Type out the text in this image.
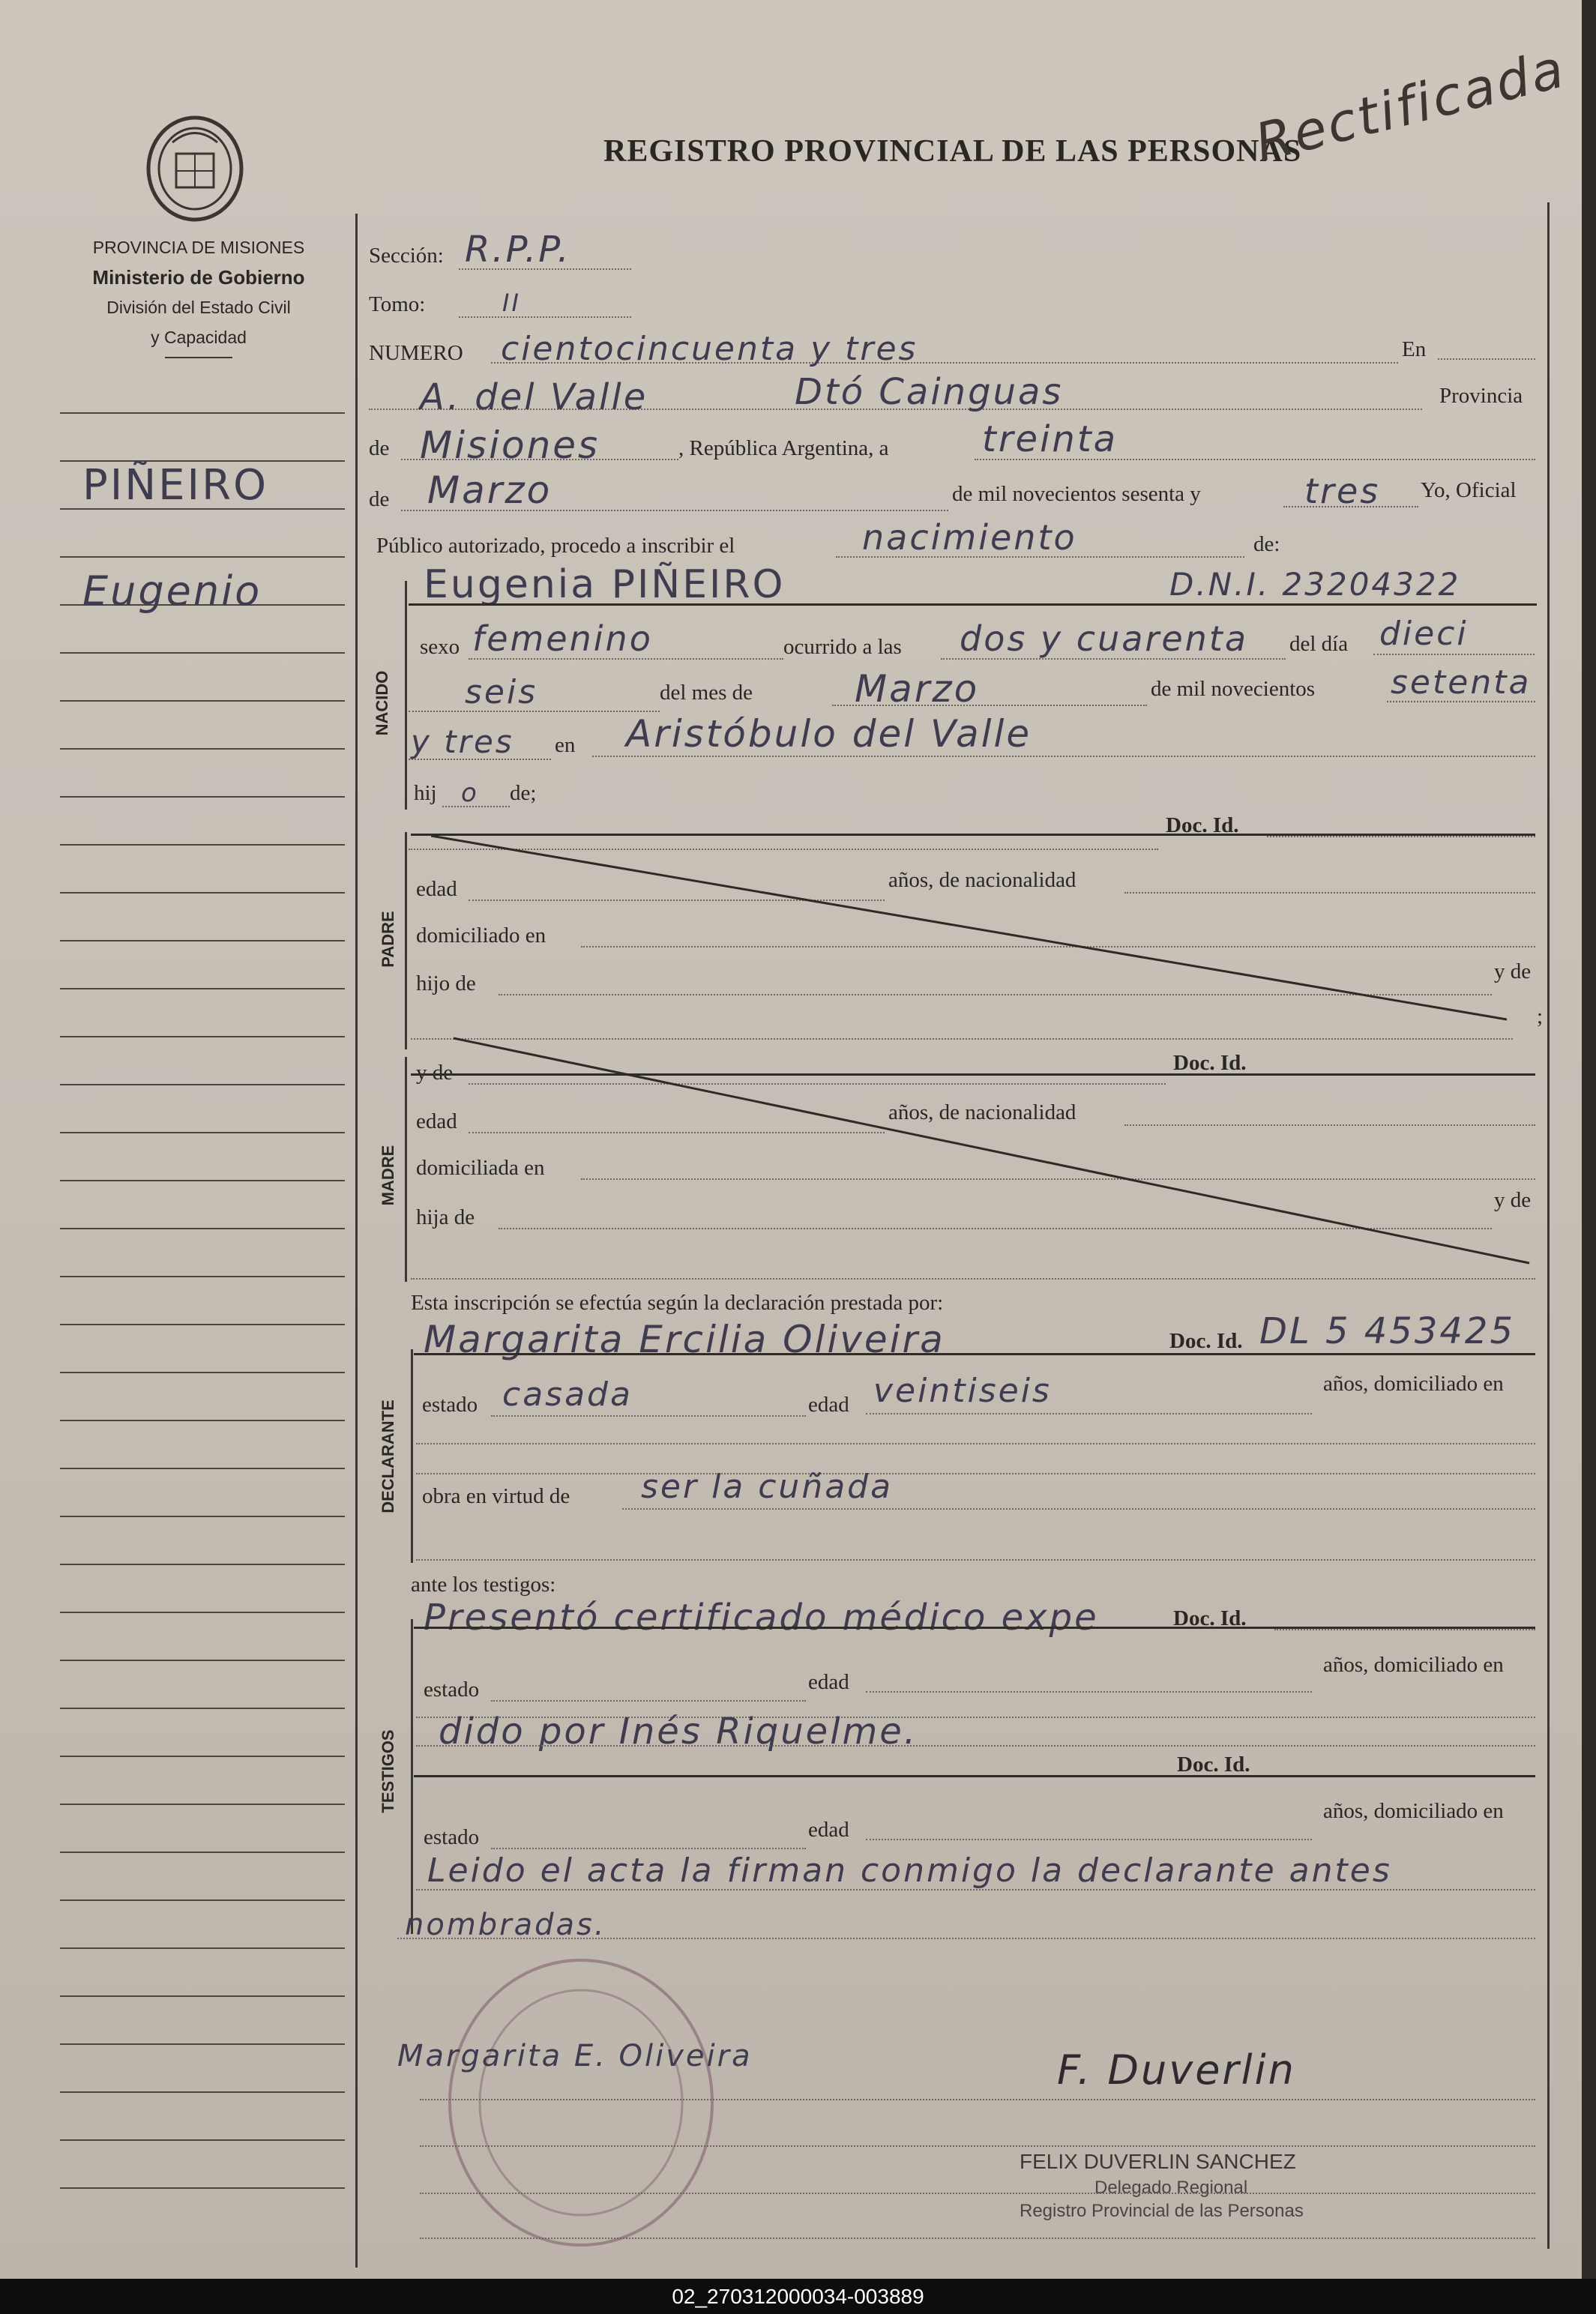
PROVINCIA DE MISIONES
Ministerio de Gobierno
División del Estado Civil
y Capacidad
PIÑEIRO
Eugenio
REGISTRO PROVINCIAL DE LAS PERSONAS
Rectificada
Sección: R.P.P.
Tomo:	II
NUMERO cientocincuenta y tres	En
A. del Valle	Dtó Cainguas	Provincia
de Misiones	, República Argentina, a	treinta
de Marzo	de mil novecientos sesenta y	tres Yo, Oficial
Público autorizado, procedo a inscribir el	nacimiento	de:
NACIDO
Eugenia PIÑEIRO	D.N.I. 23204322
sexo femenino	ocurrido a las dos y cuarenta del día dieci
seis	del mes de	Marzo	de mil novecientos setenta
y tres en Aristóbulo del Valle
hij o de;
Doc. Id.
PADRE
edad	años, de nacionalidad
domiciliado en
hijo de	y de
;
MADRE
y de	Doc. Id.
edad	años, de nacionalidad
domiciliada en
hija de
y de
Esta inscripción se efectúa según la declaración prestada por:
DECLARANTE
Margarita Ercilia Oliveira	Doc. Id. DL 5 453425
estado casada	edad veintiseis	años, domiciliado en
obra en virtud de ser la cuñada
ante los testigos:
TESTIGOS
Presentó certificado médico expe	Doc. Id.
estado	edad
años, domiciliado en
dido por Inés Riquelme.
Doc. Id.
estado	edad
años, domiciliado en
Leido el acta la firman conmigo la declarante antes
nombradas.
Margarita E. Oliveira	F. Duverlin
FELIX DUVERLIN SANCHEZ
Delegado Regional
Registro Provincial de las Personas
02_270312000034-003889
